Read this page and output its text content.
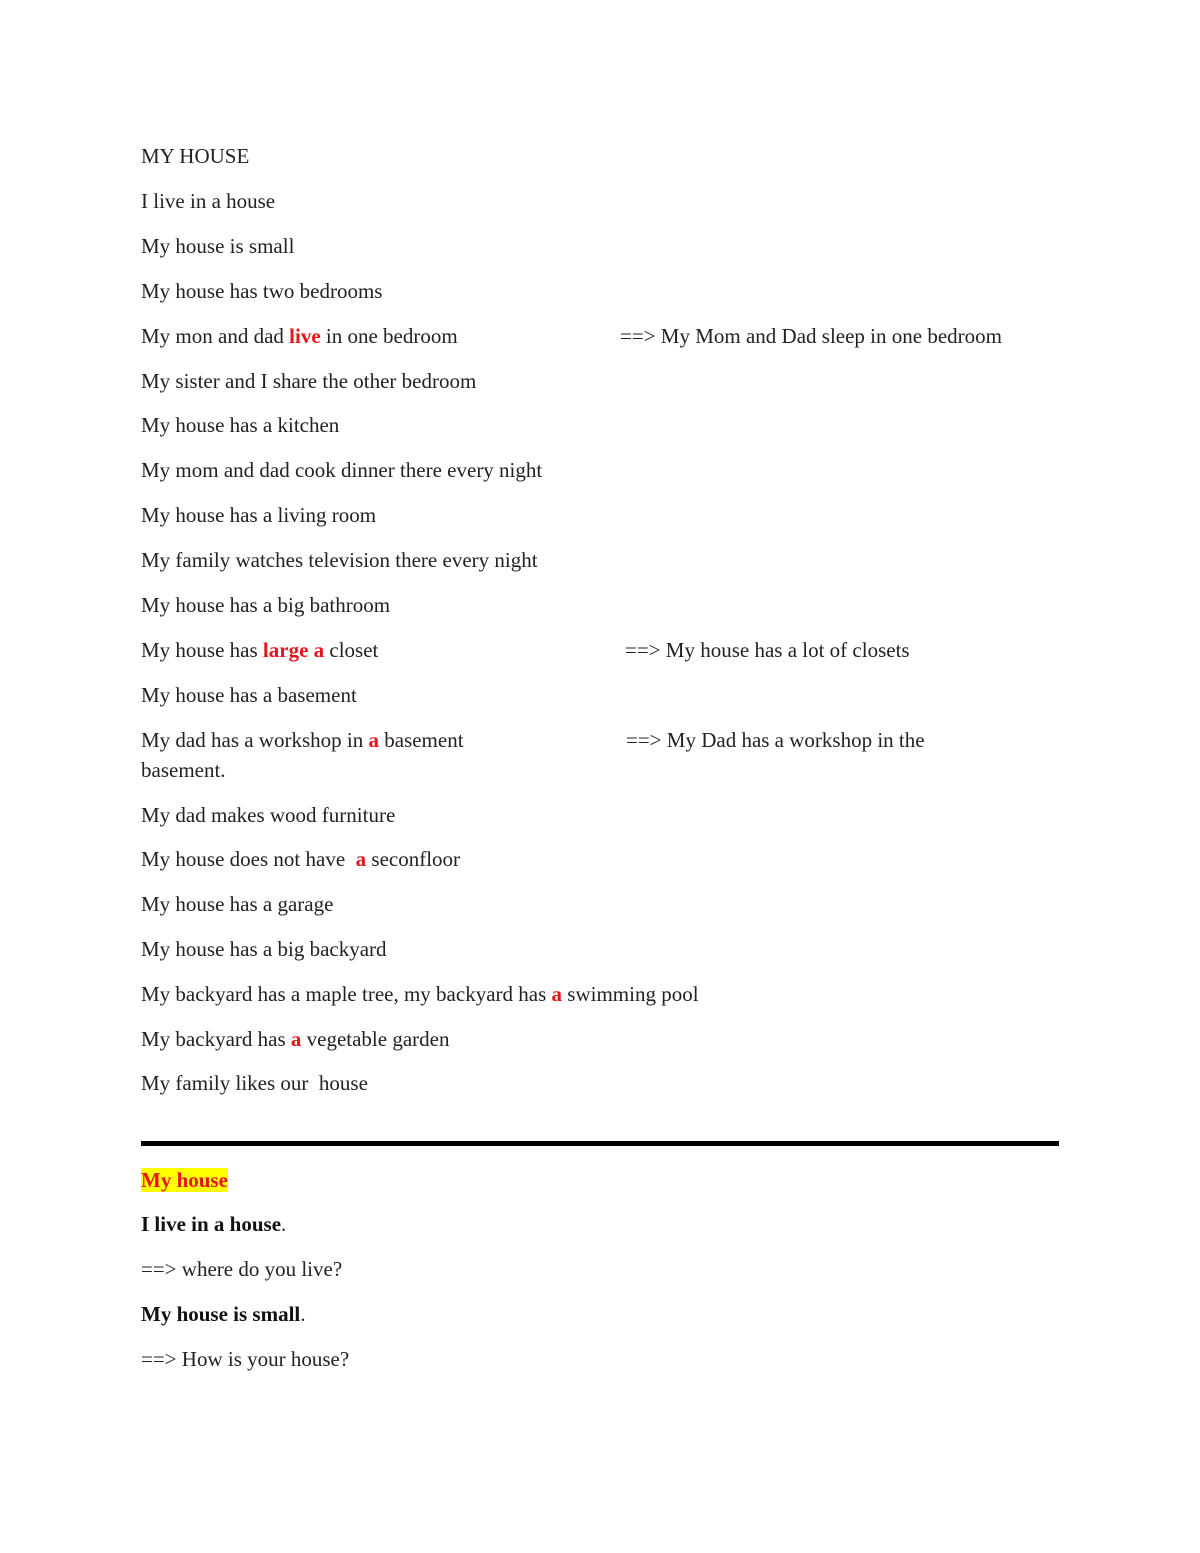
MY HOUSE
I live in a house
My house is small
My house has two bedrooms
My mon and dad live in one bedroom	==> My Mom and Dad sleep in one bedroom
My sister and I share the other bedroom
My house has a kitchen
My mom and dad cook dinner there every night
My house has a living room
My family watches television there every night
My house has a big bathroom
My house has large a closet	==> My house has a lot of closets
My house has a basement
My dad has a workshop in a basement	==> My Dad has a workshop in the
basement.
My dad makes wood furniture
My house does not have  a seconfloor
My house has a garage
My house has a big backyard
My backyard has a maple tree, my backyard has a swimming pool
My backyard has a vegetable garden
My family likes our  house
My house
I live in a house.
==> where do you live?
My house is small.
==> How is your house?
